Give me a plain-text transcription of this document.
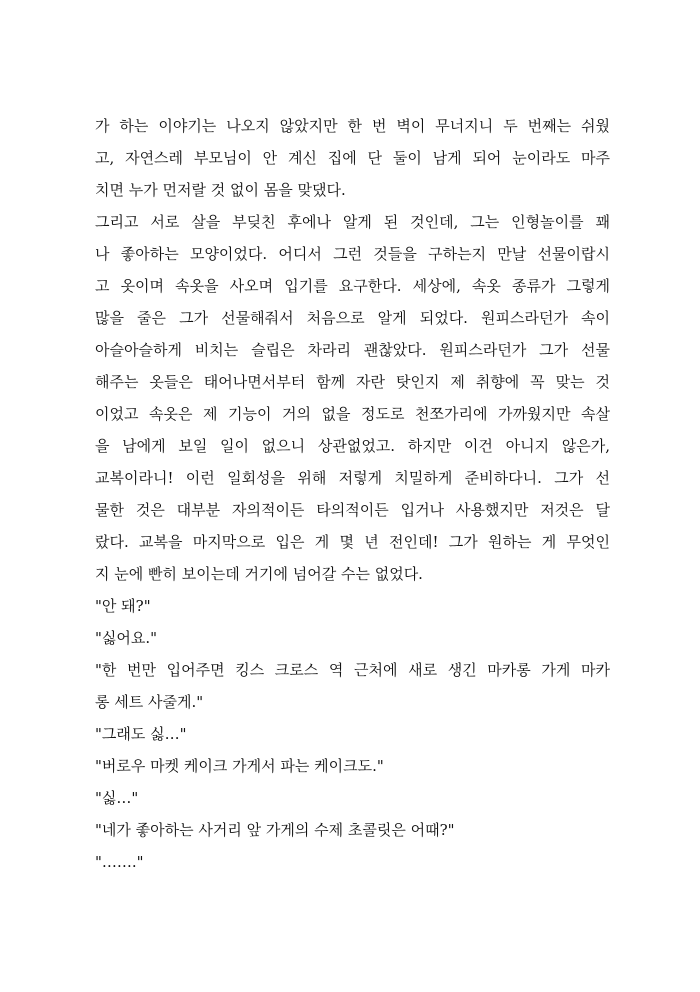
가 하는 이야기는 나오지 않았지만 한 번 벽이 무너지니 두 번째는 쉬웠
고, 자연스레 부모님이 안 계신 집에 단 둘이 남게 되어 눈이라도 마주
치면 누가 먼저랄 것 없이 몸을 맞댔다.
그리고 서로 살을 부딪친 후에나 알게 된 것인데, 그는 인형놀이를 꽤
나 좋아하는 모양이었다. 어디서 그런 것들을 구하는지 만날 선물이랍시
고 옷이며 속옷을 사오며 입기를 요구한다. 세상에, 속옷 종류가 그렇게
많을 줄은 그가 선물해줘서 처음으로 알게 되었다. 원피스라던가 속이
아슬아슬하게 비치는 슬립은 차라리 괜찮았다. 원피스라던가 그가 선물
해주는 옷들은 태어나면서부터 함께 자란 탓인지 제 취향에 꼭 맞는 것
이었고 속옷은 제 기능이 거의 없을 정도로 천쪼가리에 가까웠지만 속살
을 남에게 보일 일이 없으니 상관없었고. 하지만 이건 아니지 않은가,
교복이라니! 이런 일회성을 위해 저렇게 치밀하게 준비하다니. 그가 선
물한 것은 대부분 자의적이든 타의적이든 입거나 사용했지만 저것은 달
랐다. 교복을 마지막으로 입은 게 몇 년 전인데! 그가 원하는 게 무엇인
지 눈에 빤히 보이는데 거기에 넘어갈 수는 없었다.
"안 돼?"
"싫어요."
"한 번만 입어주면 킹스 크로스 역 근처에 새로 생긴 마카롱 가게 마카
롱 세트 사줄게."
"그래도 싫…"
"버로우 마켓 케이크 가게서 파는 케이크도."
"싫…"
"네가 좋아하는 사거리 앞 가게의 수제 초콜릿은 어때?"
"……."
